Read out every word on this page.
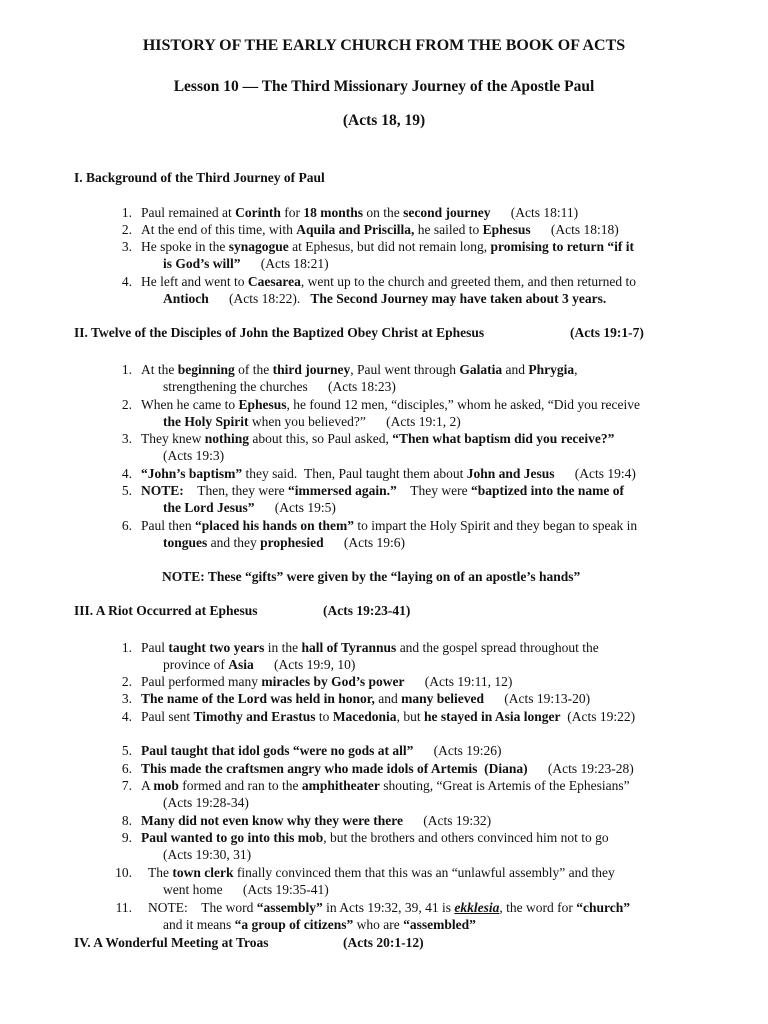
HISTORY OF THE EARLY CHURCH FROM THE BOOK OF ACTS
Lesson 10 — The Third Missionary Journey of the Apostle Paul
(Acts 18, 19)
I. Background of the Third Journey of Paul
1. Paul remained at Corinth for 18 months on the second journey      (Acts 18:11)
2. At the end of this time, with Aquila and Priscilla, he sailed to Ephesus      (Acts 18:18)
3. He spoke in the synagogue at Ephesus, but did not remain long, promising to return “if it
is God’s will”      (Acts 18:21)
4. He left and went to Caesarea, went up to the church and greeted them, and then returned to
Antioch      (Acts 18:22).   The Second Journey may have taken about 3 years.
II. Twelve of the Disciples of John the Baptized Obey Christ at Ephesus	(Acts 19:1-7)
1. At the beginning of the third journey, Paul went through Galatia and Phrygia,
strengthening the churches      (Acts 18:23)
2. When he came to Ephesus, he found 12 men, “disciples,” whom he asked, “Did you receive
the Holy Spirit when you believed?”      (Acts 19:1, 2)
3. They knew nothing about this, so Paul asked, “Then what baptism did you receive?”
(Acts 19:3)
4. “John’s baptism” they said.  Then, Paul taught them about John and Jesus      (Acts 19:4)
5. NOTE:    Then, they were “immersed again.”    They were “baptized into the name of
the Lord Jesus”      (Acts 19:5)
6. Paul then “placed his hands on them” to impart the Holy Spirit and they began to speak in
tongues and they prophesied      (Acts 19:6)
NOTE: These “gifts” were given by the “laying on of an apostle’s hands”
III. A Riot Occurred at Ephesus	(Acts 19:23-41)
1. Paul taught two years in the hall of Tyrannus and the gospel spread throughout the
province of Asia      (Acts 19:9, 10)
2. Paul performed many miracles by God’s power      (Acts 19:11, 12)
3. The name of the Lord was held in honor, and many believed      (Acts 19:13-20)
4. Paul sent Timothy and Erastus to Macedonia, but he stayed in Asia longer  (Acts 19:22)
5. Paul taught that idol gods “were no gods at all”      (Acts 19:26)
6. This made the craftsmen angry who made idols of Artemis  (Diana)      (Acts 19:23-28)
7. A mob formed and ran to the amphitheater shouting, “Great is Artemis of the Ephesians”
(Acts 19:28-34)
8. Many did not even know why they were there      (Acts 19:32)
9. Paul wanted to go into this mob, but the brothers and others convinced him not to go
(Acts 19:30, 31)
10. The town clerk finally convinced them that this was an “unlawful assembly” and they
went home      (Acts 19:35-41)
11. NOTE:    The word “assembly” in Acts 19:32, 39, 41 is ekklesia, the word for “church”
and it means “a group of citizens” who are “assembled”
IV. A Wonderful Meeting at Troas	(Acts 20:1-12)
